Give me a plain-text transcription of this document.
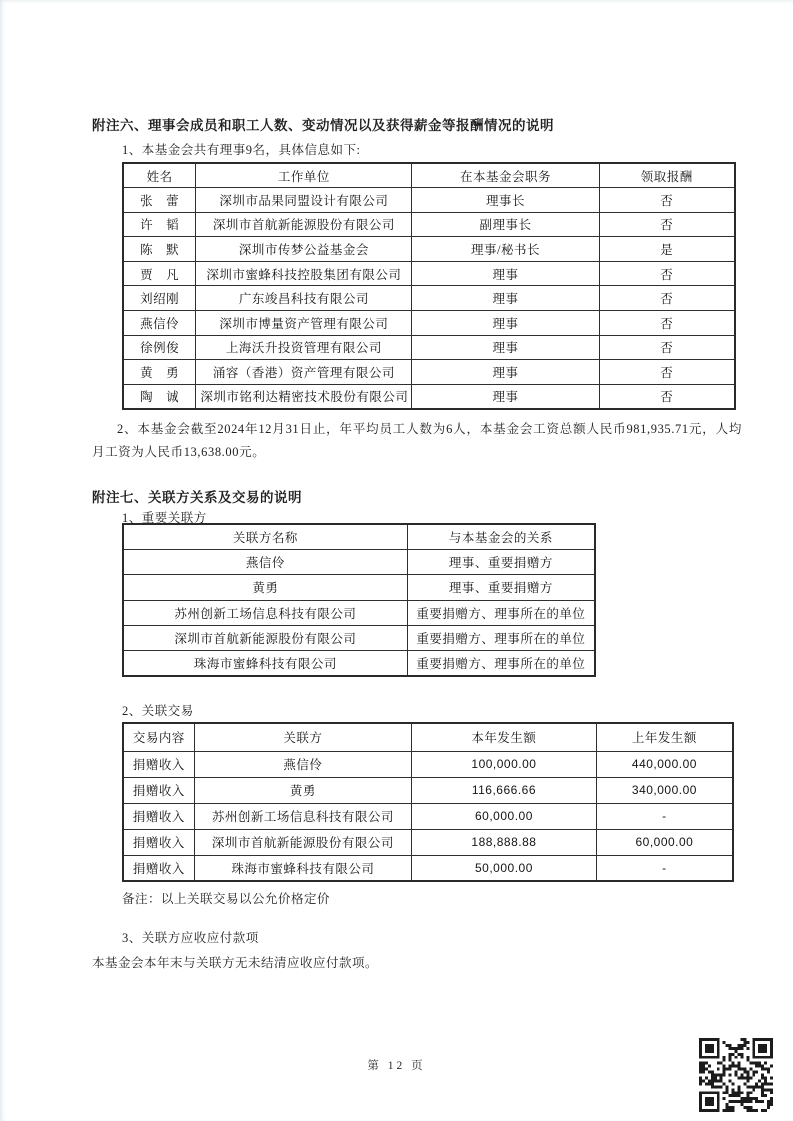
附注六、理事会成员和职工人数、变动情况以及获得薪金等报酬情况的说明
1、本基金会共有理事9名，具体信息如下:
姓名	工作单位	在本基金会职务	领取报酬
张　蕾	深圳市品果同盟设计有限公司	理事长	否
许　韬	深圳市首航新能源股份有限公司	副理事长	否
陈　默	深圳市传梦公益基金会	理事/秘书长	是
贾　凡	深圳市蜜蜂科技控股集团有限公司	理事	否
刘绍刚	广东竣昌科技有限公司	理事	否
燕信伶	深圳市博量资产管理有限公司	理事	否
徐例俊	上海沃升投资管理有限公司	理事	否
黄　勇	涌容（香港）资产管理有限公司	理事	否
陶　诚	深圳市铭利达精密技术股份有限公司	理事	否
2、本基金会截至2024年12月31日止，年平均员工人数为6人，本基金会工资总额人民币981,935.71元，人均月工资为人民币13,638.00元。
附注七、关联方关系及交易的说明
1、重要关联方
关联方名称	与本基金会的关系
燕信伶	理事、重要捐赠方
黄勇	理事、重要捐赠方
苏州创新工场信息科技有限公司	重要捐赠方、理事所在的单位
深圳市首航新能源股份有限公司	重要捐赠方、理事所在的单位
珠海市蜜蜂科技有限公司	重要捐赠方、理事所在的单位
2、关联交易
交易内容	关联方	本年发生额	上年发生额
捐赠收入	燕信伶	100,000.00	440,000.00
捐赠收入	黄勇	116,666.66	340,000.00
捐赠收入	苏州创新工场信息科技有限公司	60,000.00	-
捐赠收入	深圳市首航新能源股份有限公司	188,888.88	60,000.00
捐赠收入	珠海市蜜蜂科技有限公司	50,000.00	-
备注：以上关联交易以公允价格定价
3、关联方应收应付款项
本基金会本年末与关联方无未结清应收应付款项。
第 12 页
